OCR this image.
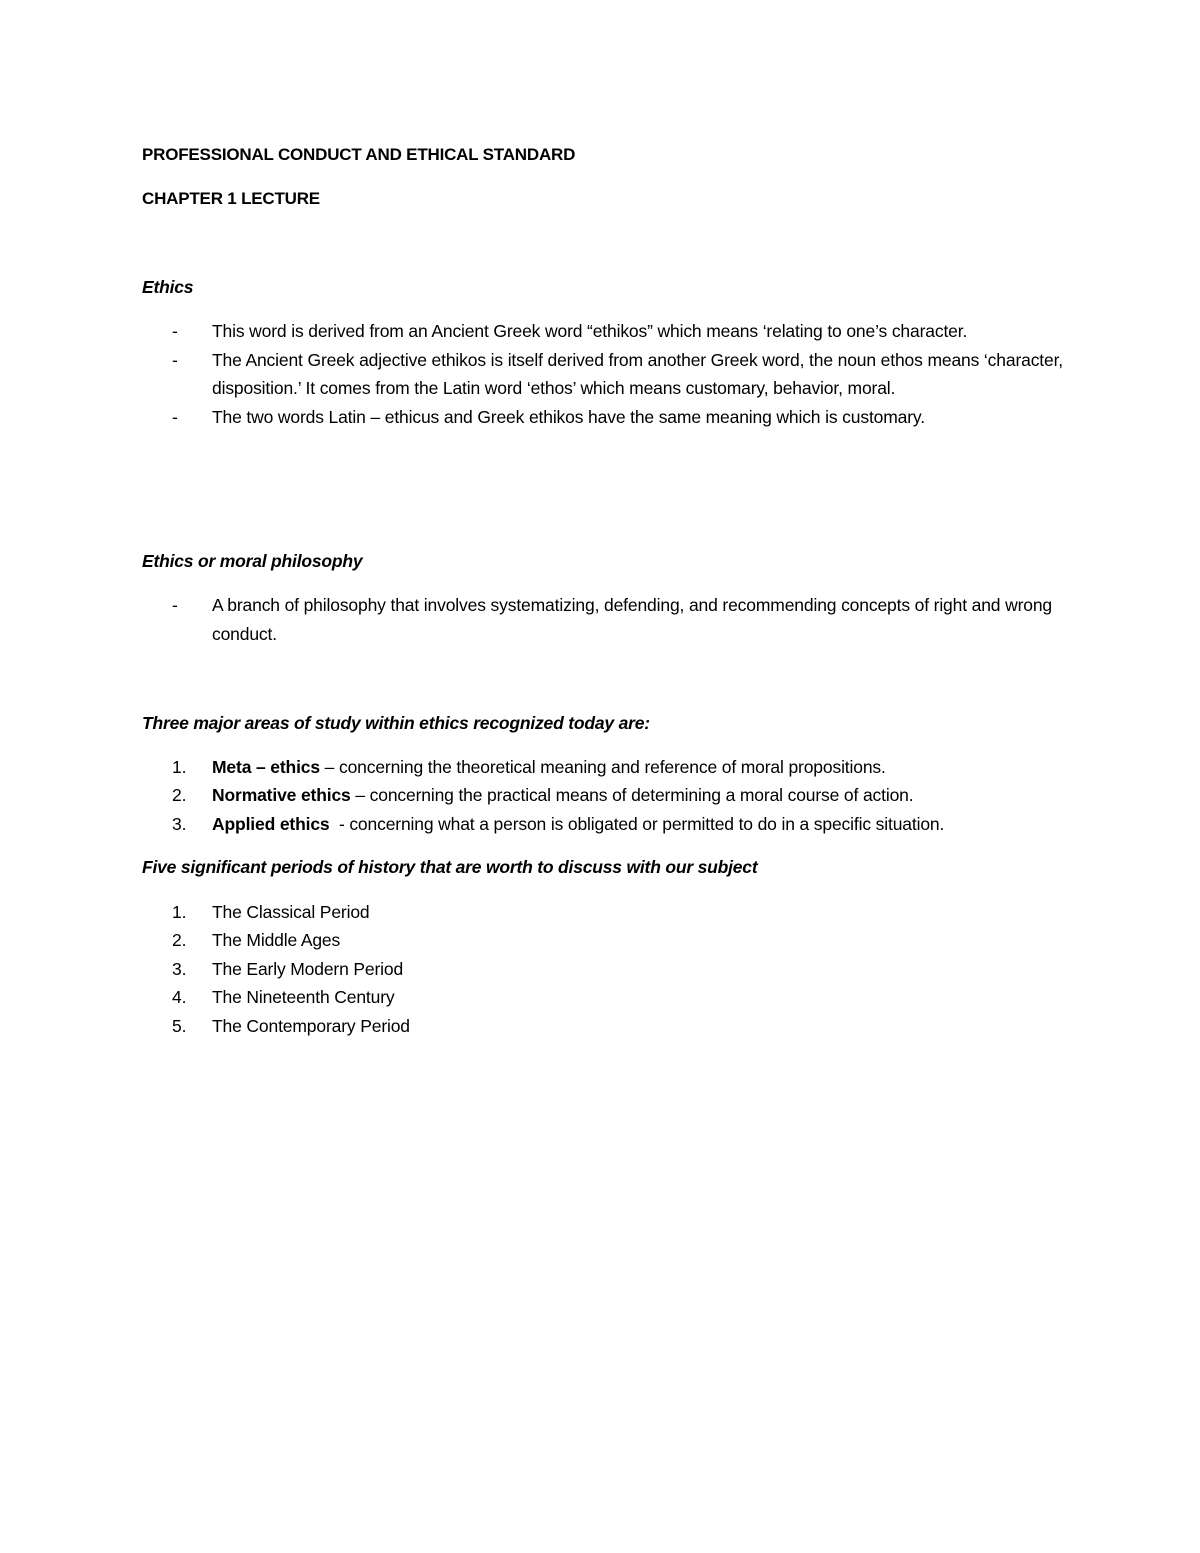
PROFESSIONAL CONDUCT AND ETHICAL STANDARD
CHAPTER 1 LECTURE
Ethics
-	This word is derived from an Ancient Greek word “ethikos” which means ‘relating to one’s character.
-	The Ancient Greek adjective ethikos is itself derived from another Greek word, the noun ethos means ‘character, disposition.’ It comes from the Latin word ‘ethos’ which means customary, behavior, moral.
-	The two words Latin – ethicus and Greek ethikos have the same meaning which is customary.
Ethics or moral philosophy
-	A branch of philosophy that involves systematizing, defending, and recommending concepts of right and wrong conduct.
Three major areas of study within ethics recognized today are:
1.	Meta – ethics – concerning the theoretical meaning and reference of moral propositions.
2.	Normative ethics – concerning the practical means of determining a moral course of action.
3.	Applied ethics  - concerning what a person is obligated or permitted to do in a specific situation.
Five significant periods of history that are worth to discuss with our subject
1.	The Classical Period
2.	The Middle Ages
3.	The Early Modern Period
4.	The Nineteenth Century
5.	The Contemporary Period
